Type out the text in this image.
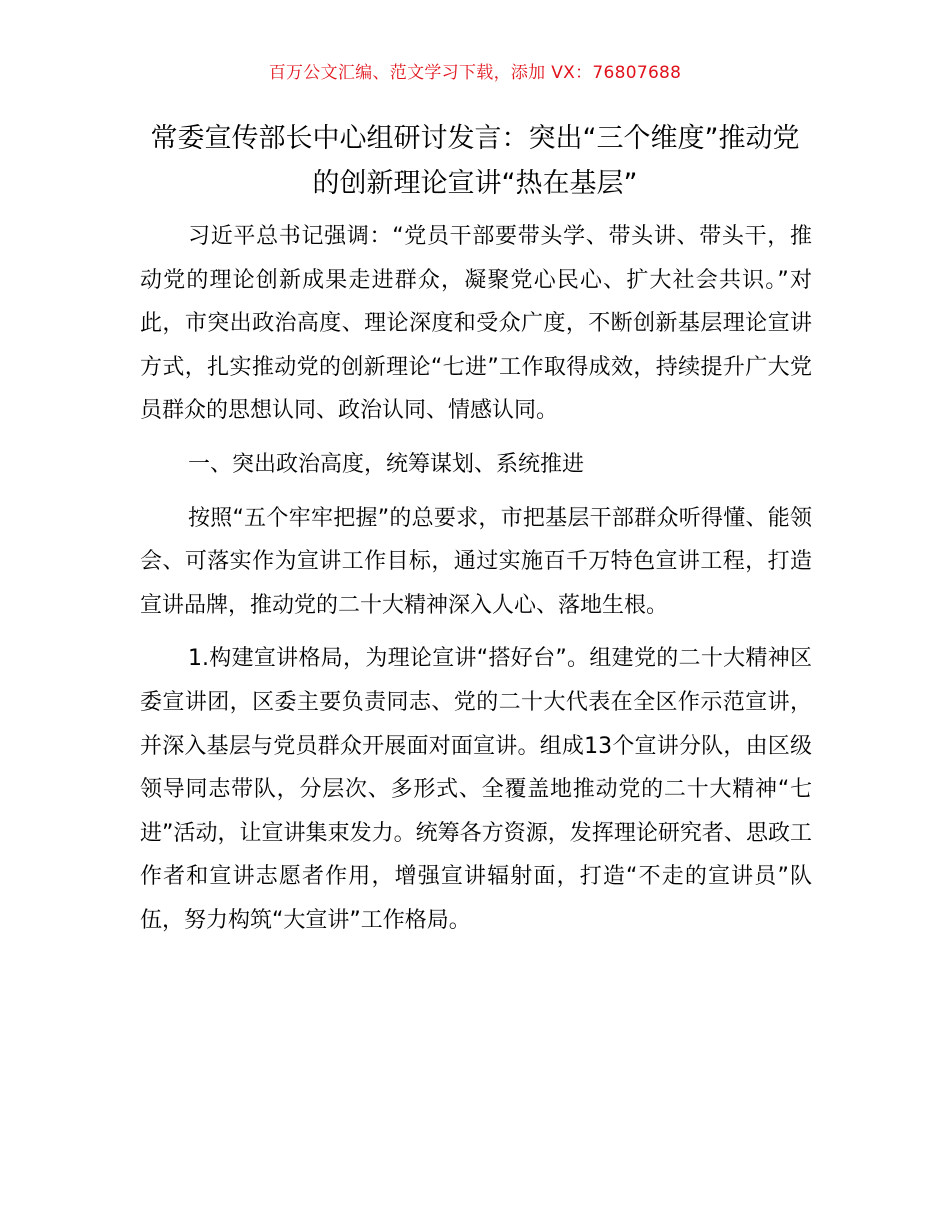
百万公文汇编、范文学习下载，添加 VX：76807688
常委宣传部长中心组研讨发言：突出“三个维度”推动党的创新理论宣讲“热在基层”

习近平总书记强调：“党员干部要带头学、带头讲、带头干，推动党的理论创新成果走进群众，凝聚党心民心、扩大社会共识。”对此，市突出政治高度、理论深度和受众广度，不断创新基层理论宣讲方式，扎实推动党的创新理论“七进”工作取得成效，持续提升广大党员群众的思想认同、政治认同、情感认同。

一、突出政治高度，统筹谋划、系统推进

按照“五个牢牢把握”的总要求，市把基层干部群众听得懂、能领会、可落实作为宣讲工作目标，通过实施百千万特色宣讲工程，打造宣讲品牌，推动党的二十大精神深入人心、落地生根。

1.构建宣讲格局，为理论宣讲“搭好台”。组建党的二十大精神区委宣讲团，区委主要负责同志、党的二十大代表在全区作示范宣讲，并深入基层与党员群众开展面对面宣讲。组成13个宣讲分队，由区级领导同志带队，分层次、多形式、全覆盖地推动党的二十大精神“七进”活动，让宣讲集束发力。统筹各方资源，发挥理论研究者、思政工作者和宣讲志愿者作用，增强宣讲辐射面，打造“不走的宣讲员”队伍，努力构筑“大宣讲”工作格局。
